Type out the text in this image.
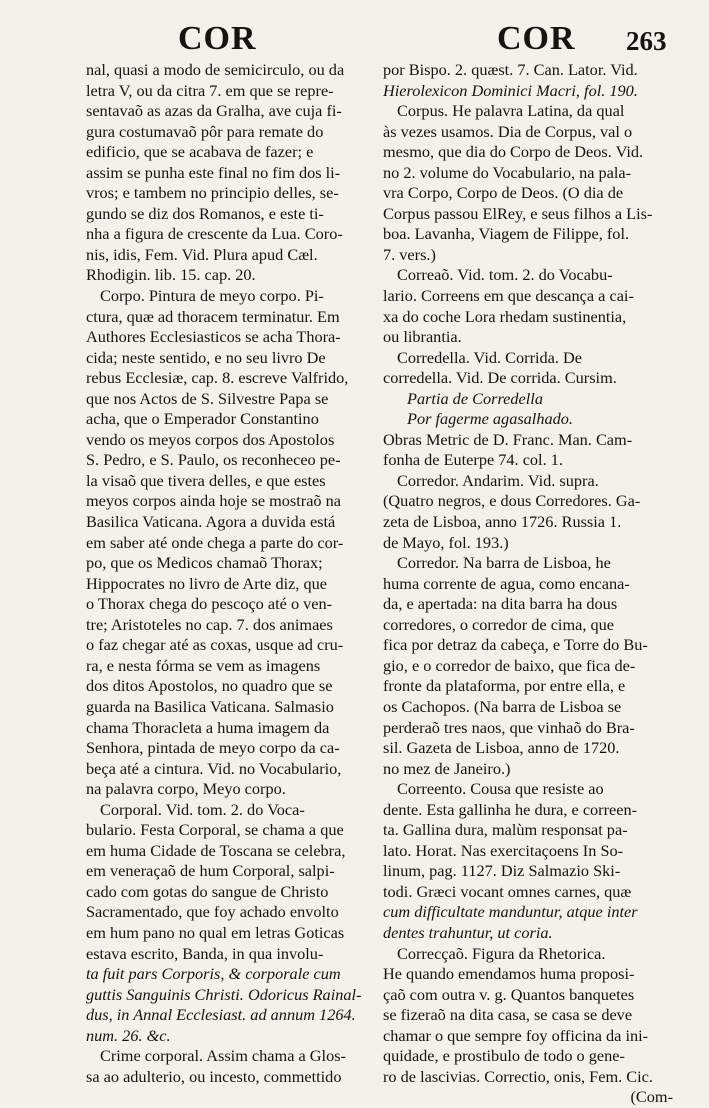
COR	COR 263
nal, quasi a modo de semicirculo, ou da
letra V, ou da citra 7. em que se repre-
sentavaõ as azas da Gralha, ave cuja fi-
gura costumavaõ pôr para remate do
edificio, que se acabava de fazer; e
assim se punha este final no fim dos li-
vros; e tambem no principio delles, se-
gundo se diz dos Romanos, e este ti-
nha a figura de crescente da Lua. Coro-
nis, idis, Fem. Vid. Plura apud Cæl.
Rhodigin. lib. 15. cap. 20.
Corpo. Pintura de meyo corpo. Pi-
ctura, quæ ad thoracem terminatur. Em
Authores Ecclesiasticos se acha Thora-
cida; neste sentido, e no seu livro De
rebus Ecclesiæ, cap. 8. escreve Valfrido,
que nos Actos de S. Silvestre Papa se
acha, que o Emperador Constantino
vendo os meyos corpos dos Apostolos
S. Pedro, e S. Paulo, os reconheceo pe-
la visaõ que tivera delles, e que estes
meyos corpos ainda hoje se mostraõ na
Basilica Vaticana. Agora a duvida está
em saber até onde chega a parte do cor-
po, que os Medicos chamaõ Thorax;
Hippocrates no livro de Arte diz, que
o Thorax chega do pescoço até o ven-
tre; Aristoteles no cap. 7. dos animaes
o faz chegar até as coxas, usque ad cru-
ra, e nesta fórma se vem as imagens
dos ditos Apostolos, no quadro que se
guarda na Basilica Vaticana. Salmasio
chama Thoracleta a huma imagem da
Senhora, pintada de meyo corpo da ca-
beça até a cintura. Vid. no Vocabulario,
na palavra corpo, Meyo corpo.
Corporal. Vid. tom. 2. do Voca-
bulario. Festa Corporal, se chama a que
em huma Cidade de Toscana se celebra,
em veneraçaõ de hum Corporal, salpi-
cado com gotas do sangue de Christo
Sacramentado, que foy achado envolto
em hum pano no qual em letras Goticas
estava escrito, Banda, in qua involu-
ta fuit pars Corporis, & corporale cum
guttis Sanguinis Christi. Odoricus Rainal-
dus, in Annal Ecclesiast. ad annum 1264.
num. 26. &c.
Crime corporal. Assim chama a Glos-
sa ao adulterio, ou incesto, commettido
por Bispo. 2. quæst. 7. Can. Lator. Vid.
Hierolexicon Dominici Macri, fol. 190.
Corpus. He palavra Latina, da qual
às vezes usamos. Dia de Corpus, val o
mesmo, que dia do Corpo de Deos. Vid.
no 2. volume do Vocabulario, na pala-
vra Corpo, Corpo de Deos. (O dia de
Corpus passou ElRey, e seus filhos a Lis-
boa. Lavanha, Viagem de Filippe, fol.
7. vers.)
Correaõ. Vid. tom. 2. do Vocabu-
lario. Correens em que descança a cai-
xa do coche Lora rhedam sustinentia,
ou librantia.
Corredella. Vid. Corrida. De
corredella. Vid. De corrida. Cursim.
Partia de Corredella
Por fagerme agasalhado.
Obras Metric de D. Franc. Man. Cam-
fonha de Euterpe 74. col. 1.
Corredor. Andarim. Vid. supra.
(Quatro negros, e dous Corredores. Ga-
zeta de Lisboa, anno 1726. Russia 1.
de Mayo, fol. 193.)
Corredor. Na barra de Lisboa, he
huma corrente de agua, como encana-
da, e apertada: na dita barra ha dous
corredores, o corredor de cima, que
fica por detraz da cabeça, e Torre do Bu-
gio, e o corredor de baixo, que fica de-
fronte da plataforma, por entre ella, e
os Cachopos. (Na barra de Lisboa se
perderaõ tres naos, que vinhaõ do Bra-
sil. Gazeta de Lisboa, anno de 1720.
no mez de Janeiro.)
Correento. Cousa que resiste ao
dente. Esta gallinha he dura, e correen-
ta. Gallina dura, malùm responsat pa-
lato. Horat. Nas exercitaçoens In So-
linum, pag. 1127. Diz Salmazio Ski-
todi. Græci vocant omnes carnes, quæ
cum difficultate manduntur, atque inter
dentes trahuntur, ut coria.
Correcçaõ. Figura da Rhetorica.
He quando emendamos huma proposi-
çaõ com outra v. g. Quantos banquetes
se fizeraõ na dita casa, se casa se deve
chamar o que sempre foy officina da ini-
quidade, e prostibulo de todo o gene-
ro de lascivias. Correctio, onis, Fem. Cic.
(Com-
